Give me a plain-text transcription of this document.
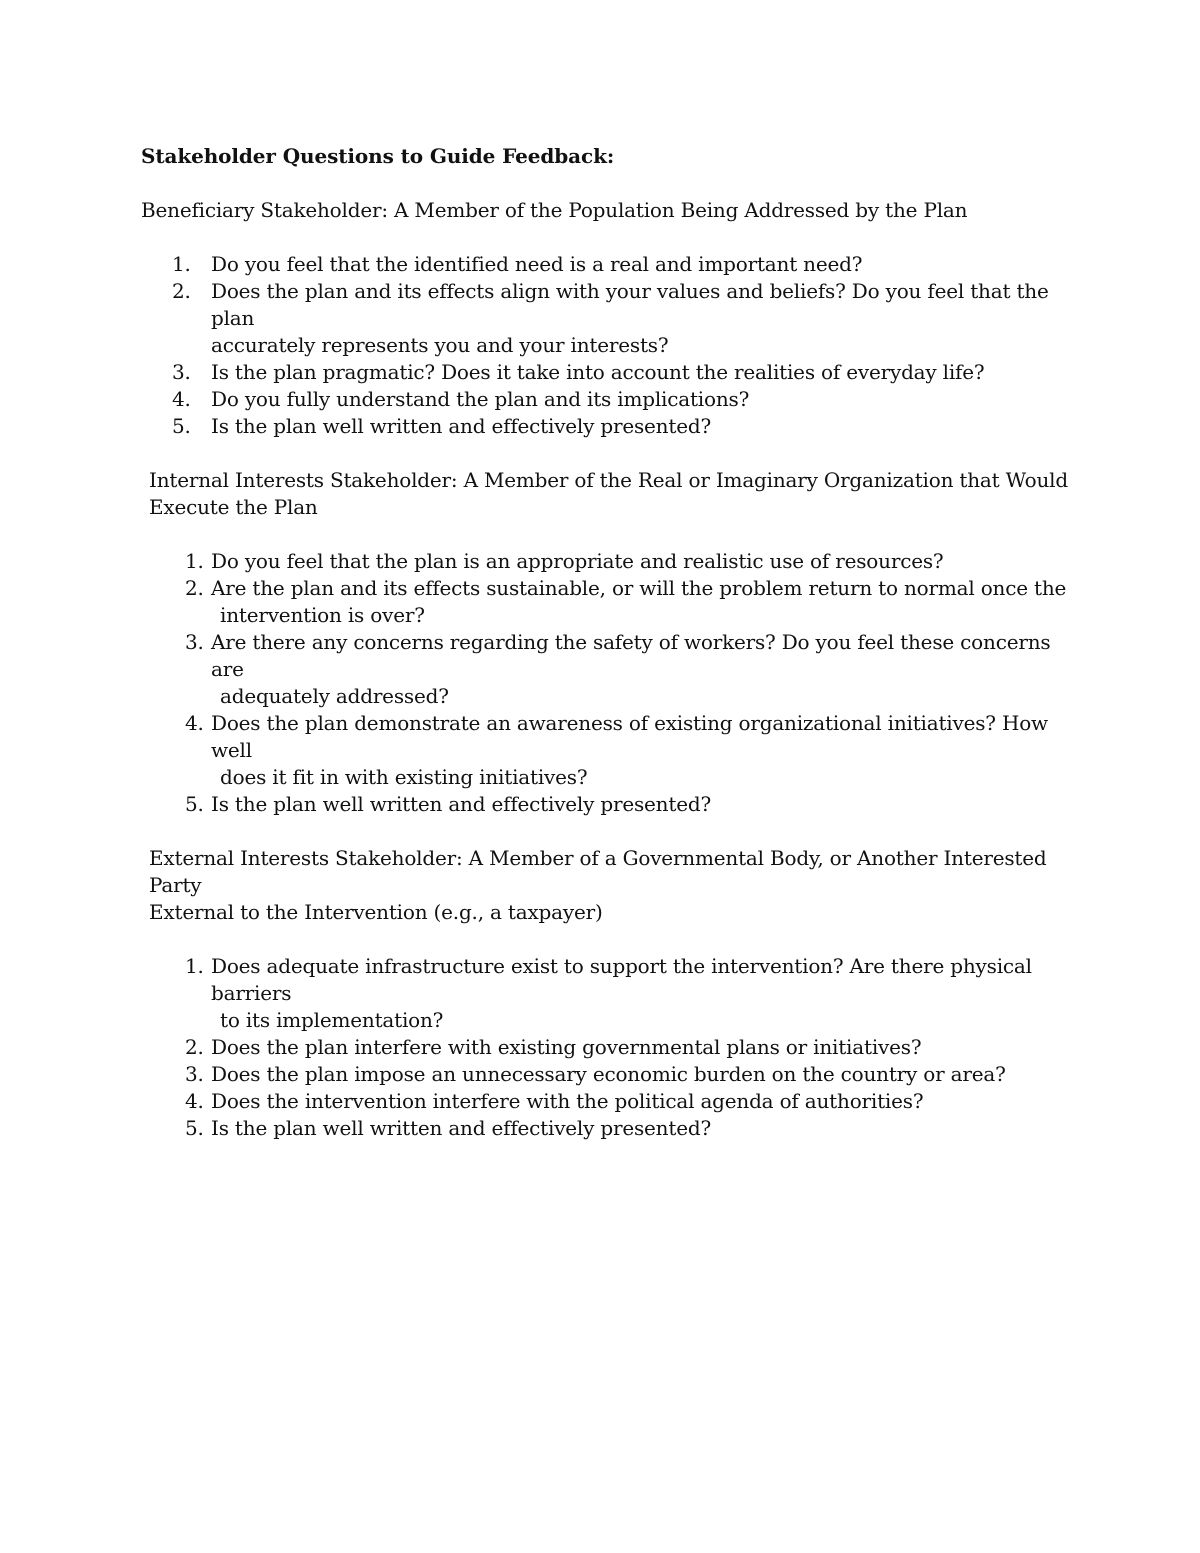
Stakeholder Questions to Guide Feedback:
Beneficiary Stakeholder: A Member of the Population Being Addressed by the Plan
1. Do you feel that the identified need is a real and important need?
2. Does the plan and its effects align with your values and beliefs? Do you feel that the plan
accurately represents you and your interests?
3. Is the plan pragmatic? Does it take into account the realities of everyday life?
4. Do you fully understand the plan and its implications?
5. Is the plan well written and effectively presented?
Internal Interests Stakeholder: A Member of the Real or Imaginary Organization that Would
Execute the Plan
1. Do you feel that the plan is an appropriate and realistic use of resources?
2. Are the plan and its effects sustainable, or will the problem return to normal once the
intervention is over?
3. Are there any concerns regarding the safety of workers? Do you feel these concerns are
adequately addressed?
4. Does the plan demonstrate an awareness of existing organizational initiatives? How well
does it fit in with existing initiatives?
5. Is the plan well written and effectively presented?
External Interests Stakeholder: A Member of a Governmental Body, or Another Interested Party
External to the Intervention (e.g., a taxpayer)
1. Does adequate infrastructure exist to support the intervention? Are there physical barriers
to its implementation?
2. Does the plan interfere with existing governmental plans or initiatives?
3. Does the plan impose an unnecessary economic burden on the country or area?
4. Does the intervention interfere with the political agenda of authorities?
5. Is the plan well written and effectively presented?
